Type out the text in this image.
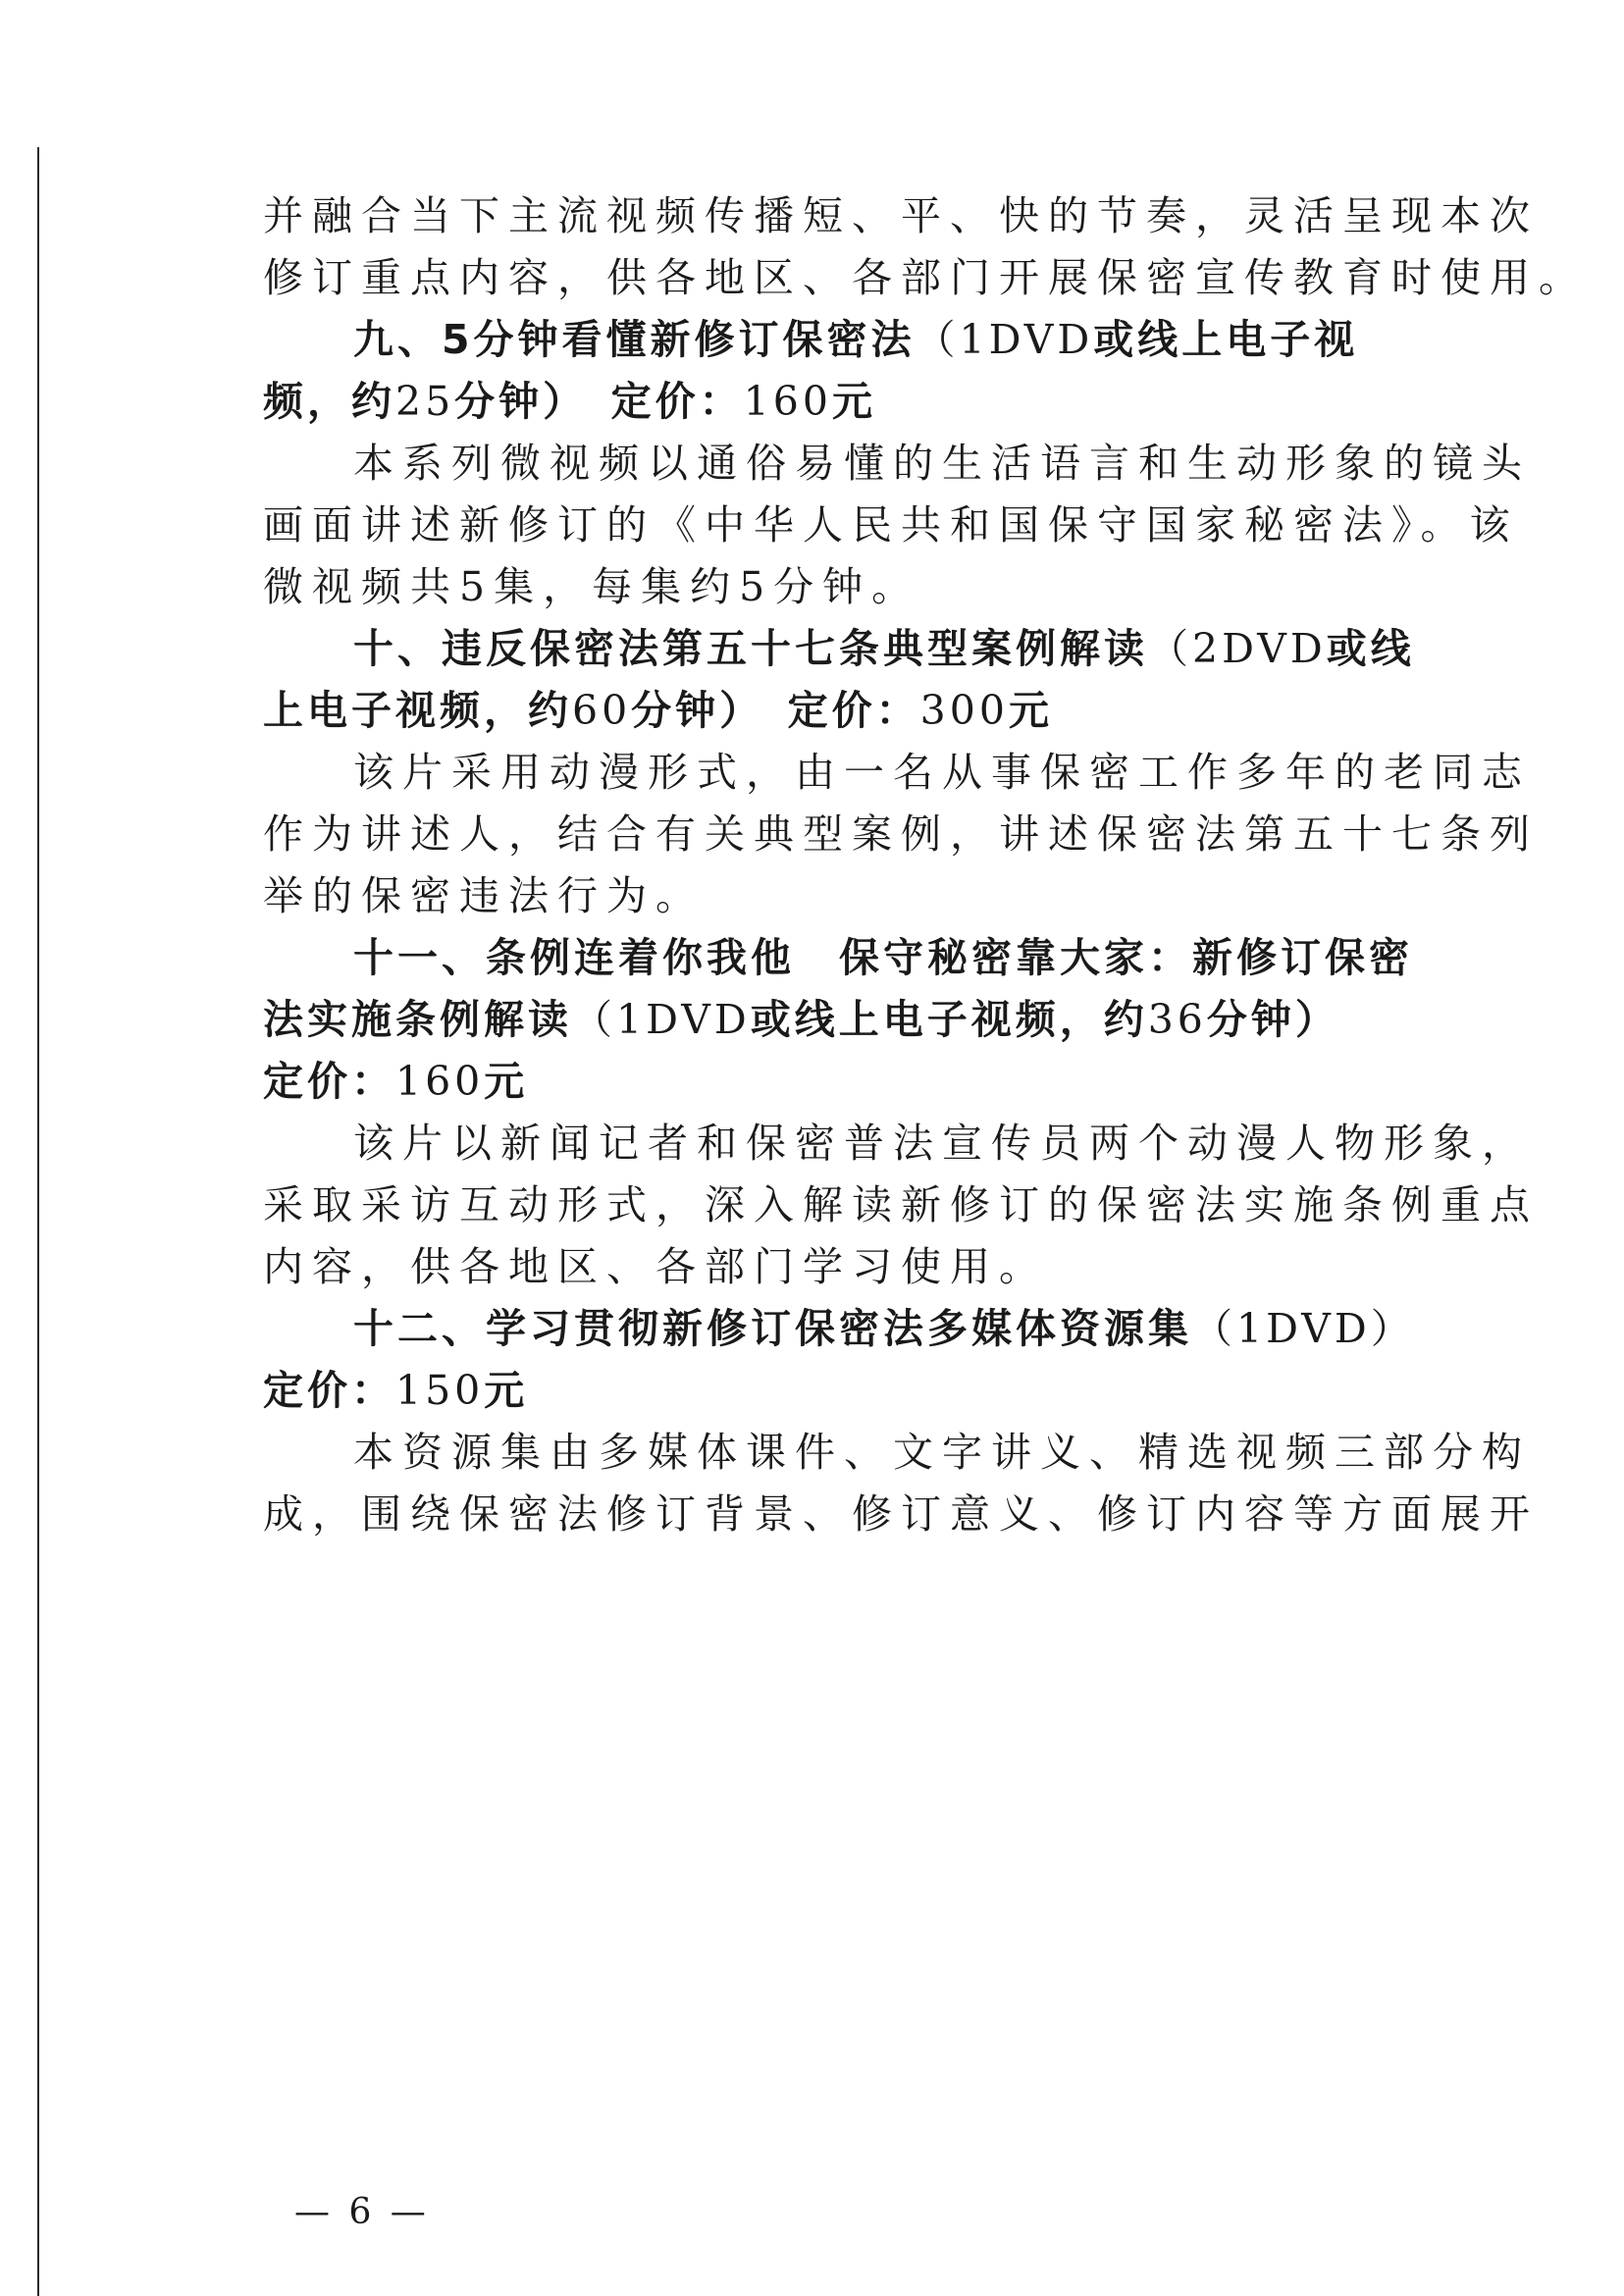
并融合当下主流视频传播短、平、快的节奏，灵活呈现本次
修订重点内容，供各地区、各部门开展保密宣传教育时使用。
九、5分钟看懂新修订保密法（1DVD或线上电子视
频，约25分钟）　 定价：160元
本系列微视频以通俗易懂的生活语言和生动形象的镜头
画面讲述新修订的《中华人民共和国保守国家秘密法》。该
微视频共5集，每集约5分钟。
十、违反保密法第五十七条典型案例解读（2DVD或线
上电子视频，约60分钟）　 定价：300元
该片采用动漫形式，由一名从事保密工作多年的老同志
作为讲述人，结合有关典型案例，讲述保密法第五十七条列
举的保密违法行为。
十一、条例连着你我他　保守秘密靠大家：新修订保密
法实施条例解读（1DVD或线上电子视频，约36分钟）
定价：160元
该片以新闻记者和保密普法宣传员两个动漫人物形象，
采取采访互动形式，深入解读新修订的保密法实施条例重点
内容，供各地区、各部门学习使用。
十二、学习贯彻新修订保密法多媒体资源集（1DVD）
定价：150元
本资源集由多媒体课件、文字讲义、精选视频三部分构
成，围绕保密法修订背景、修订意义、修订内容等方面展开
— 6 —
